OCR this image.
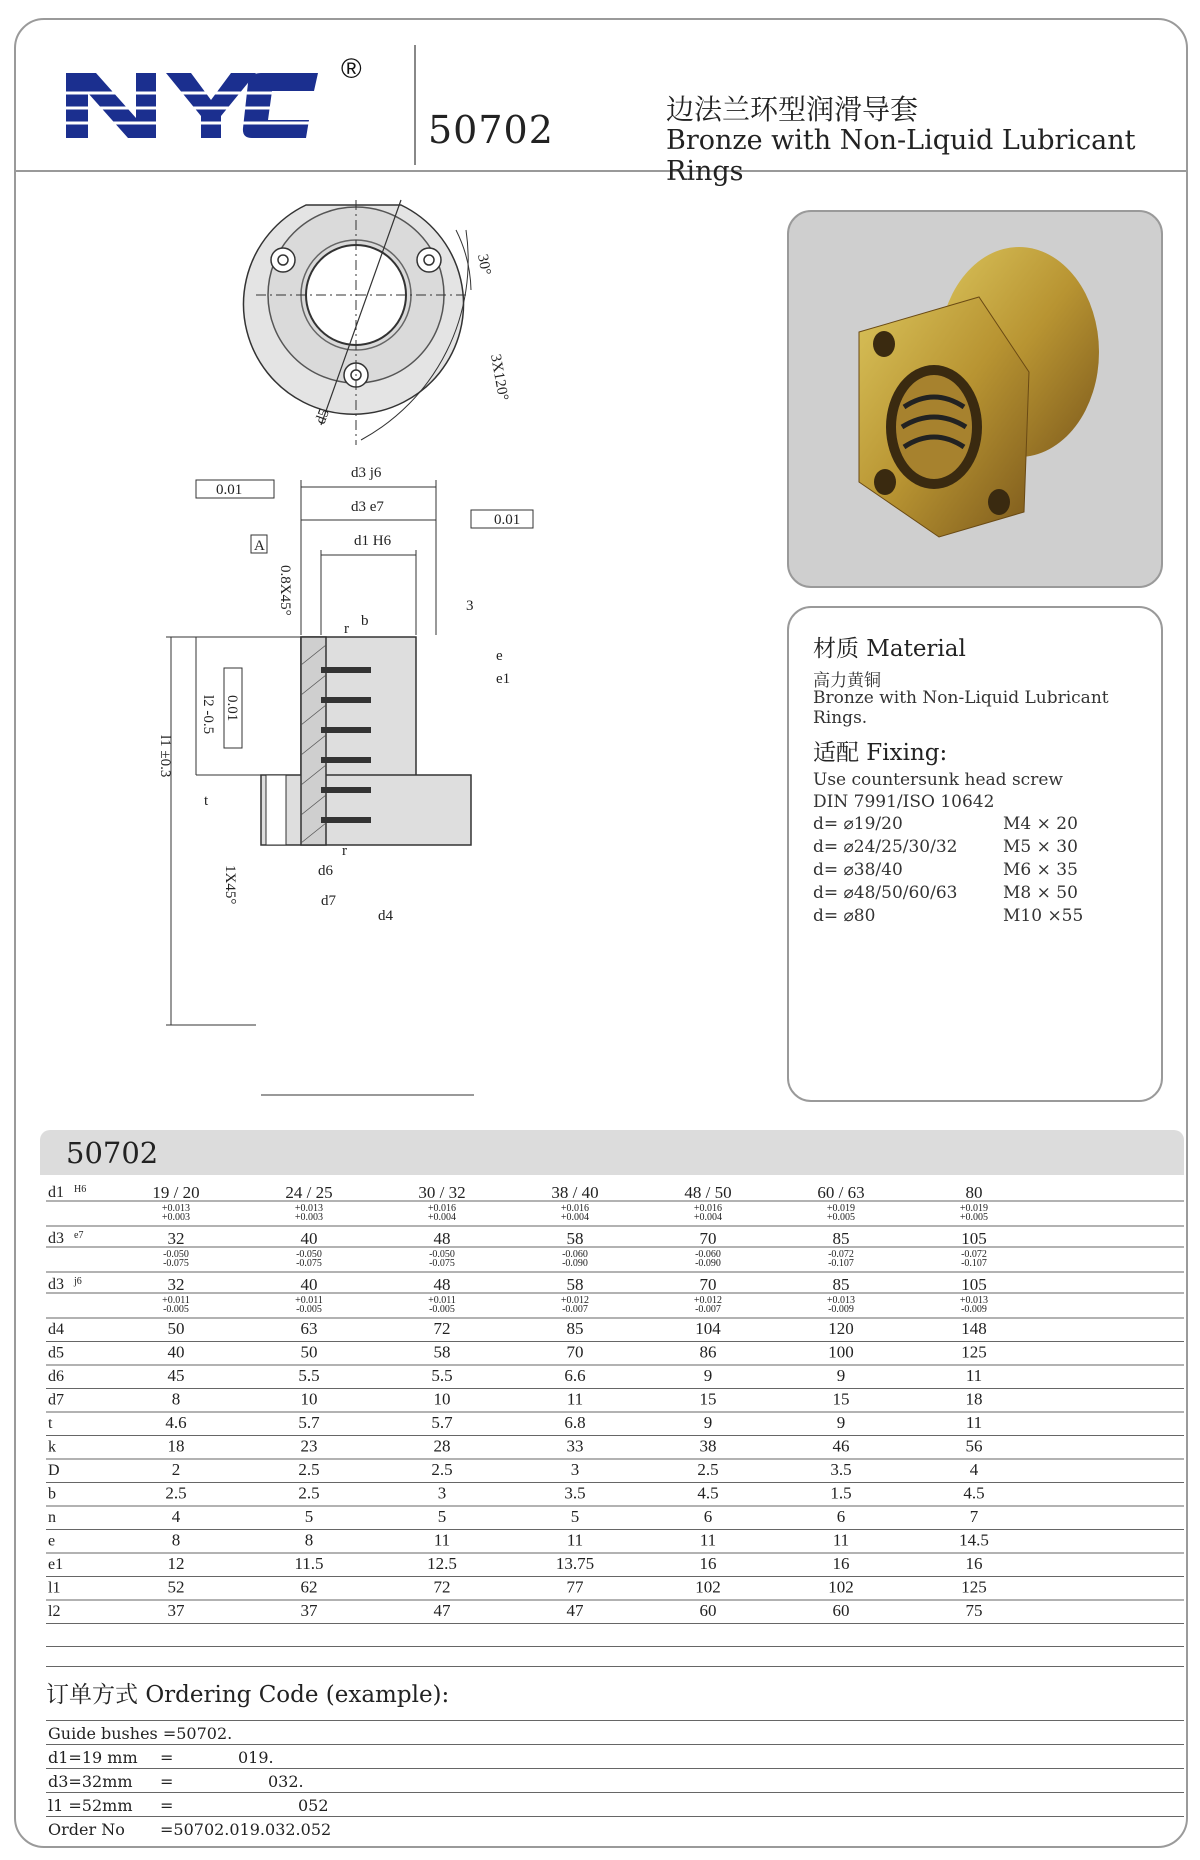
®
50702	边法兰环型润滑导套
Bronze with Non-Liquid Lubricant Rings
30°
3X120°
d5
d3 j6
d3 e7
d1 H6
0.01
0.01
0.01
A
0.8X45°
b
r
3
e
e1
l1 ±0.3
l2 -0.5
t
r
1X45°	d6
d7
d4
材质 Material
高力黄铜
Bronze with Non-Liquid Lubricant Rings.
适配 Fixing:
Use countersunk head screw
DIN 7991/ISO 10642
d= ⌀19/20	M4 × 20
d= ⌀24/25/30/32	M5 × 30
d= ⌀38/40	M6 × 35
d= ⌀48/50/60/63	M8 × 50
d= ⌀80	M10 ×55
50702
d1 H6	19 / 20	24 / 25	30 / 32	38 / 40	48 / 50	60 / 63	80
+0.013	+0.013	+0.016	+0.016	+0.016	+0.019	+0.019
+0.003	+0.003	+0.004	+0.004	+0.004	+0.005	+0.005
d3 e7	32	40	48	58	70	85	105
-0.050	-0.050	-0.050	-0.060	-0.060	-0.072	-0.072
-0.075	-0.075	-0.075	-0.090	-0.090	-0.107	-0.107
d3 j6	32	40	48	58	70	85	105
+0.011	+0.011	+0.011	+0.012	+0.012	+0.013	+0.013
-0.005	-0.005	-0.005	-0.007	-0.007	-0.009	-0.009
d4	50	63	72	85	104	120	148
d5	40	50	58	70	86	100	125
d6	45	5.5	5.5	6.6	9	9	11
d7	8	10	10	11	15	15	18
t	4.6	5.7	5.7	6.8	9	9	11
k	18	23	28	33	38	46	56
D	2	2.5	2.5	3	2.5	3.5	4
b	2.5	2.5	3	3.5	4.5	1.5	4.5
n	4	5	5	5	6	6	7
e	8	8	11	11	11	11	14.5
e1	12	11.5	12.5	13.75	16	16	16
l1	52	62	72	77	102	102	125
l2	37	37	47	47	60	60	75
订单方式 Ordering Code (example):
Guide bushes =50702.
d1=19 mm =	019.
d3=32mm =	032.
l1 =52mm =	052
Order No =50702.019.032.052
